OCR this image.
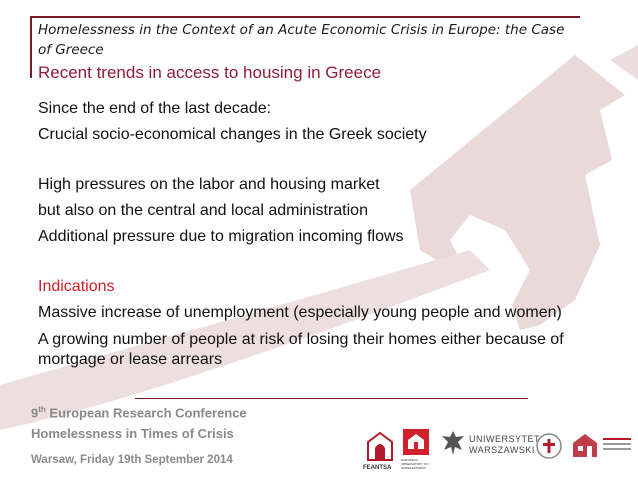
Homelessness in the Context of an Acute Economic Crisis in Europe: the Case of Greece
Recent trends in access to housing in Greece
Since the end of the last decade:
Crucial socio-economical changes in the Greek society
High pressures on the labor and housing market
but also on the central and local administration
Additional pressure due to migration incoming flows
Indications
Massive increase of unemployment (especially young people and women)
A growing number of people at risk of losing their homes either because of mortgage or lease arrears
9th European Research Conference
Homelessness in Times of Crisis
Warsaw, Friday 19th September 2014
FEANTSA
EUROPEAN OBSERVATORY ON HOMELESSNESS
UNIWERSYTET
WARSZAWSKI
